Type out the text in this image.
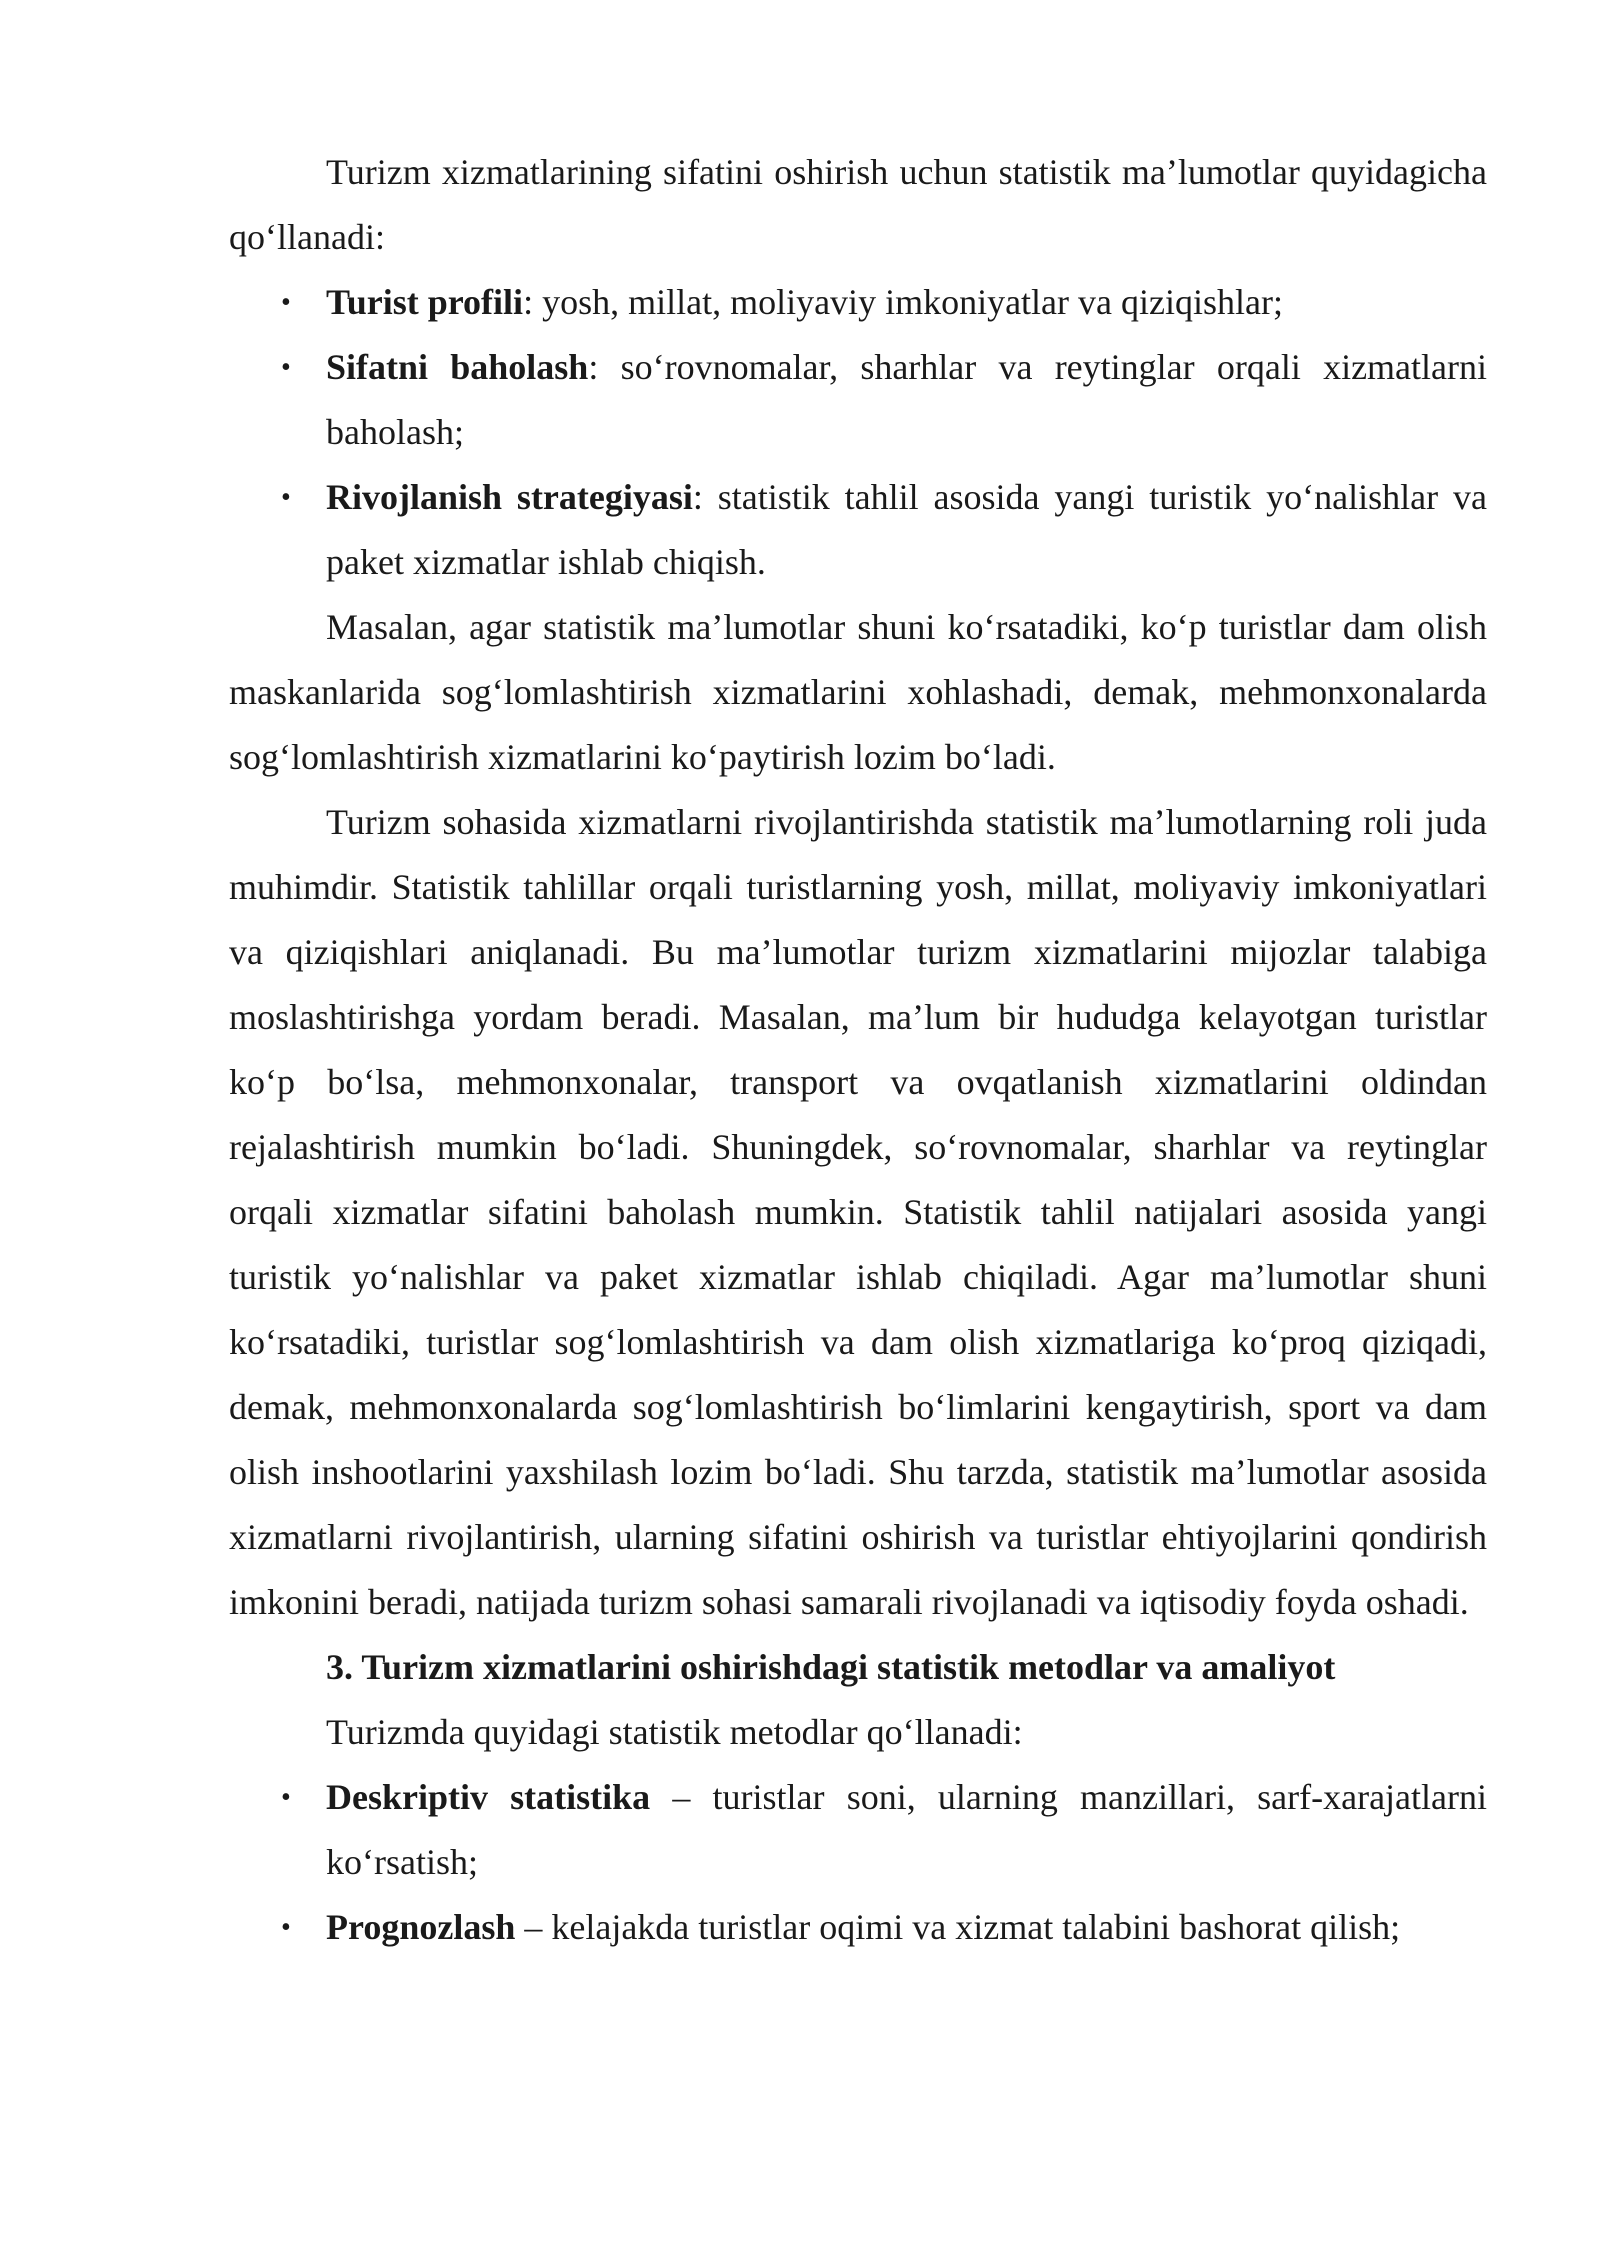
Turizm xizmatlarining sifatini oshirish uchun statistik ma’lumotlar quyidagicha qo‘llanadi:

• Turist profili: yosh, millat, moliyaviy imkoniyatlar va qiziqishlar;
• Sifatni baholash: so‘rovnomalar, sharhlar va reytinglar orqali xizmatlarni baholash;
• Rivojlanish strategiyasi: statistik tahlil asosida yangi turistik yo‘nalishlar va paket xizmatlar ishlab chiqish.

Masalan, agar statistik ma’lumotlar shuni ko‘rsatadiki, ko‘p turistlar dam olish maskanlarida sog‘lomlashtirish xizmatlarini xohlashadi, demak, mehmonxonalarda sog‘lomlashtirish xizmatlarini ko‘paytirish lozim bo‘ladi.

Turizm sohasida xizmatlarni rivojlantirishda statistik ma’lumotlarning roli juda muhimdir. Statistik tahlillar orqali turistlarning yosh, millat, moliyaviy imkoniyatlari va qiziqishlari aniqlanadi. Bu ma’lumotlar turizm xizmatlarini mijozlar talabiga moslashtirishga yordam beradi. Masalan, ma’lum bir hududga kelayotgan turistlar ko‘p bo‘lsa, mehmonxonalar, transport va ovqatlanish xizmatlarini oldindan rejalashtirish mumkin bo‘ladi. Shuningdek, so‘rovnomalar, sharhlar va reytinglar orqali xizmatlar sifatini baholash mumkin. Statistik tahlil natijalari asosida yangi turistik yo‘nalishlar va paket xizmatlar ishlab chiqiladi. Agar ma’lumotlar shuni ko‘rsatadiki, turistlar sog‘lomlashtirish va dam olish xizmatlariga ko‘proq qiziqadi, demak, mehmonxonalarda sog‘lomlashtirish bo‘limlarini kengaytirish, sport va dam olish inshootlarini yaxshilash lozim bo‘ladi. Shu tarzda, statistik ma’lumotlar asosida xizmatlarni rivojlantirish, ularning sifatini oshirish va turistlar ehtiyojlarini qondirish imkonini beradi, natijada turizm sohasi samarali rivojlanadi va iqtisodiy foyda oshadi.

3. Turizm xizmatlarini oshirishdagi statistik metodlar va amaliyot

Turizmda quyidagi statistik metodlar qo‘llanadi:

• Deskriptiv statistika – turistlar soni, ularning manzillari, sarf-xarajatlarni ko‘rsatish;
• Prognozlash – kelajakda turistlar oqimi va xizmat talabini bashorat qilish;
